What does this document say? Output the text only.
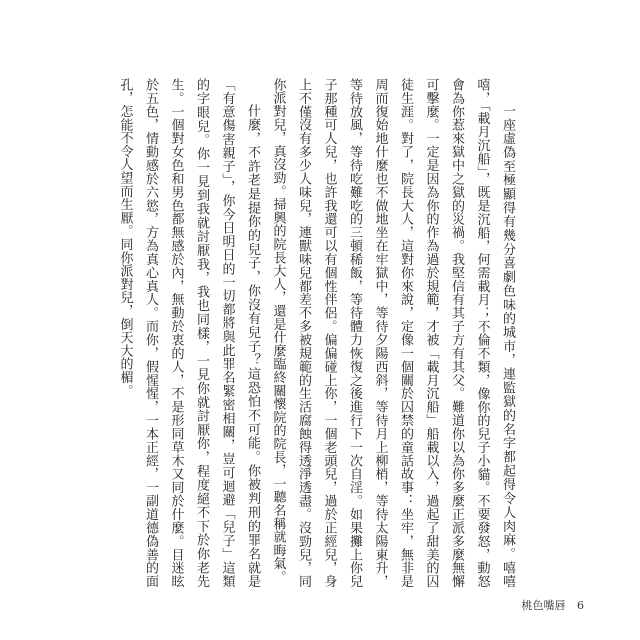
一座虛偽至極顯得有幾分喜劇色味的城市，連監獄的名字都起得令人肉麻。嘻嘻嘻，「載月沉船」，既是沉船，何需載月；不倫不類，像你的兒子小貓。不要發怒，動怒會為你惹來獄中之獄的災禍。我堅信有其子方有其父。難道你以為你多麼正派多麼無懈可擊麼。一定是因為你的作為過於規範，才被「載月沉船」船載以入，過起了甜美的囚徒生涯。對了，院長大人，這對你來說，定像一個關於囚禁的童話故事：坐牢，無非是周而復始地什麼也不做地坐在牢獄中，等待夕陽西斜，等待月上柳梢，等待太陽東升，等待放風，等待吃難吃的三頓稀飯，等待體力恢復之後進行下一次自淫。如果攤上你兒子那種可人兒，也許我還可以有個性伴侶。偏偏碰上你，一個老頭兒，過於正經兒，身上不僅沒有多少人味兒，連獸味兒都差不多被規範的生活腐蝕得透淨透盡。沒勁兒，同你派對兒，真沒勁。掃興的院長大人，還是什麼臨終關懷院的院長，一聽名稱就晦氣。

什麼，不許老是提你的兒子，你沒有兒子？這恐怕不可能。你被判刑的罪名就是「有意傷害親子」，你今日明日的一切都將與此罪名緊密相關，豈可迴避「兒子」這類的字眼兒。你一見到我就討厭我，我也同樣，一見你就討厭你，程度絕不下於你老先生。一個對女色和男色都無感於內，無動於衷的人，不是形同草木又同於什麼。目迷眩於五色，情動感於六慾，方為真心真人。而你，假惺惺，一本正經，一副道德偽善的面孔，怎能不令人望而生厭。同你派對兒，倒天大的楣。

桃色嘴唇 6
